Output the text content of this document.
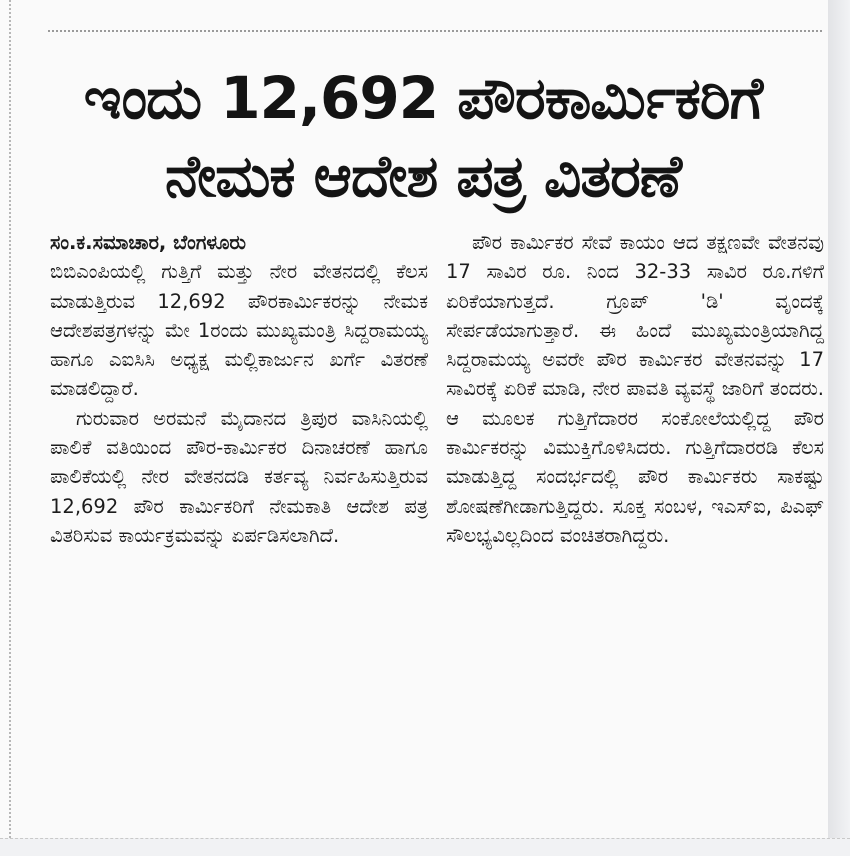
ಇಂದು 12,692 ಪೌರಕಾರ್ಮಿಕರಿಗೆ
ನೇಮಕ ಆದೇಶ ಪತ್ರ ವಿತರಣೆ
ಸಂ.ಕ.ಸಮಾಚಾರ, ಬೆಂಗಳೂರು

ಬಿಬಿಎಂಪಿಯಲ್ಲಿ ಗುತ್ತಿಗೆ ಮತ್ತು ನೇರ ವೇತನದಲ್ಲಿ ಕೆಲಸ ಮಾಡುತ್ತಿರುವ 12,692 ಪೌರಕಾರ್ಮಿಕರನ್ನು ನೇಮಕ ಆದೇಶಪತ್ರಗಳನ್ನು ಮೇ 1ರಂದು ಮುಖ್ಯಮಂತ್ರಿ ಸಿದ್ದರಾಮಯ್ಯ ಹಾಗೂ ಎಐಸಿಸಿ ಅಧ್ಯಕ್ಷ ಮಲ್ಲಿಕಾರ್ಜುನ ಖರ್ಗೆ ವಿತರಣೆ ಮಾಡಲಿದ್ದಾರೆ.

ಗುರುವಾರ ಅರಮನೆ ಮೈದಾನದ ತ್ರಿಪುರ ವಾಸಿನಿಯಲ್ಲಿ ಪಾಲಿಕೆ ವತಿಯಿಂದ ಪೌರ-ಕಾರ್ಮಿಕರ ದಿನಾಚರಣೆ ಹಾಗೂ ಪಾಲಿಕೆಯಲ್ಲಿ ನೇರ ವೇತನದಡಿ ಕರ್ತವ್ಯ ನಿರ್ವಹಿಸುತ್ತಿರುವ 12,692 ಪೌರ ಕಾರ್ಮಿಕರಿಗೆ ನೇಮಕಾತಿ ಆದೇಶ ಪತ್ರ ವಿತರಿಸುವ ಕಾರ್ಯಕ್ರಮವನ್ನು ಏರ್ಪಡಿಸಲಾಗಿದೆ.

ಪೌರ ಕಾರ್ಮಿಕರ ಸೇವೆ ಕಾಯಂ ಆದ ತಕ್ಷಣವೇ ವೇತನವು 17 ಸಾವಿರ ರೂ. ನಿಂದ 32-33 ಸಾವಿರ ರೂ.ಗಳಿಗೆ ಏರಿಕೆಯಾಗುತ್ತದೆ. ಗ್ರೂಪ್ 'ಡಿ' ವೃಂದಕ್ಕೆ ಸೇರ್ಪಡೆಯಾಗುತ್ತಾರೆ. ಈ ಹಿಂದೆ ಮುಖ್ಯಮಂತ್ರಿಯಾಗಿದ್ದ ಸಿದ್ದರಾಮಯ್ಯ ಅವರೇ ಪೌರ ಕಾರ್ಮಿಕರ ವೇತನವನ್ನು 17 ಸಾವಿರಕ್ಕೆ ಏರಿಕೆ ಮಾಡಿ, ನೇರ ಪಾವತಿ ವ್ಯವಸ್ಥೆ ಜಾರಿಗೆ ತಂದರು. ಆ ಮೂಲಕ ಗುತ್ತಿಗೆದಾರರ ಸಂಕೋಲೆಯಲ್ಲಿದ್ದ ಪೌರ ಕಾರ್ಮಿಕರನ್ನು ವಿಮುಕ್ತಿಗೊಳಿಸಿದರು. ಗುತ್ತಿಗೆದಾರರಡಿ ಕೆಲಸ ಮಾಡುತ್ತಿದ್ದ ಸಂದರ್ಭದಲ್ಲಿ ಪೌರ ಕಾರ್ಮಿಕರು ಸಾಕಷ್ಟು ಶೋಷಣೆಗೀಡಾಗುತ್ತಿದ್ದರು. ಸೂಕ್ತ ಸಂಬಳ, ಇಎಸ್ಐ, ಪಿಎಫ್ ಸೌಲಭ್ಯವಿಲ್ಲದಿಂದ ವಂಚಿತರಾಗಿದ್ದರು.
